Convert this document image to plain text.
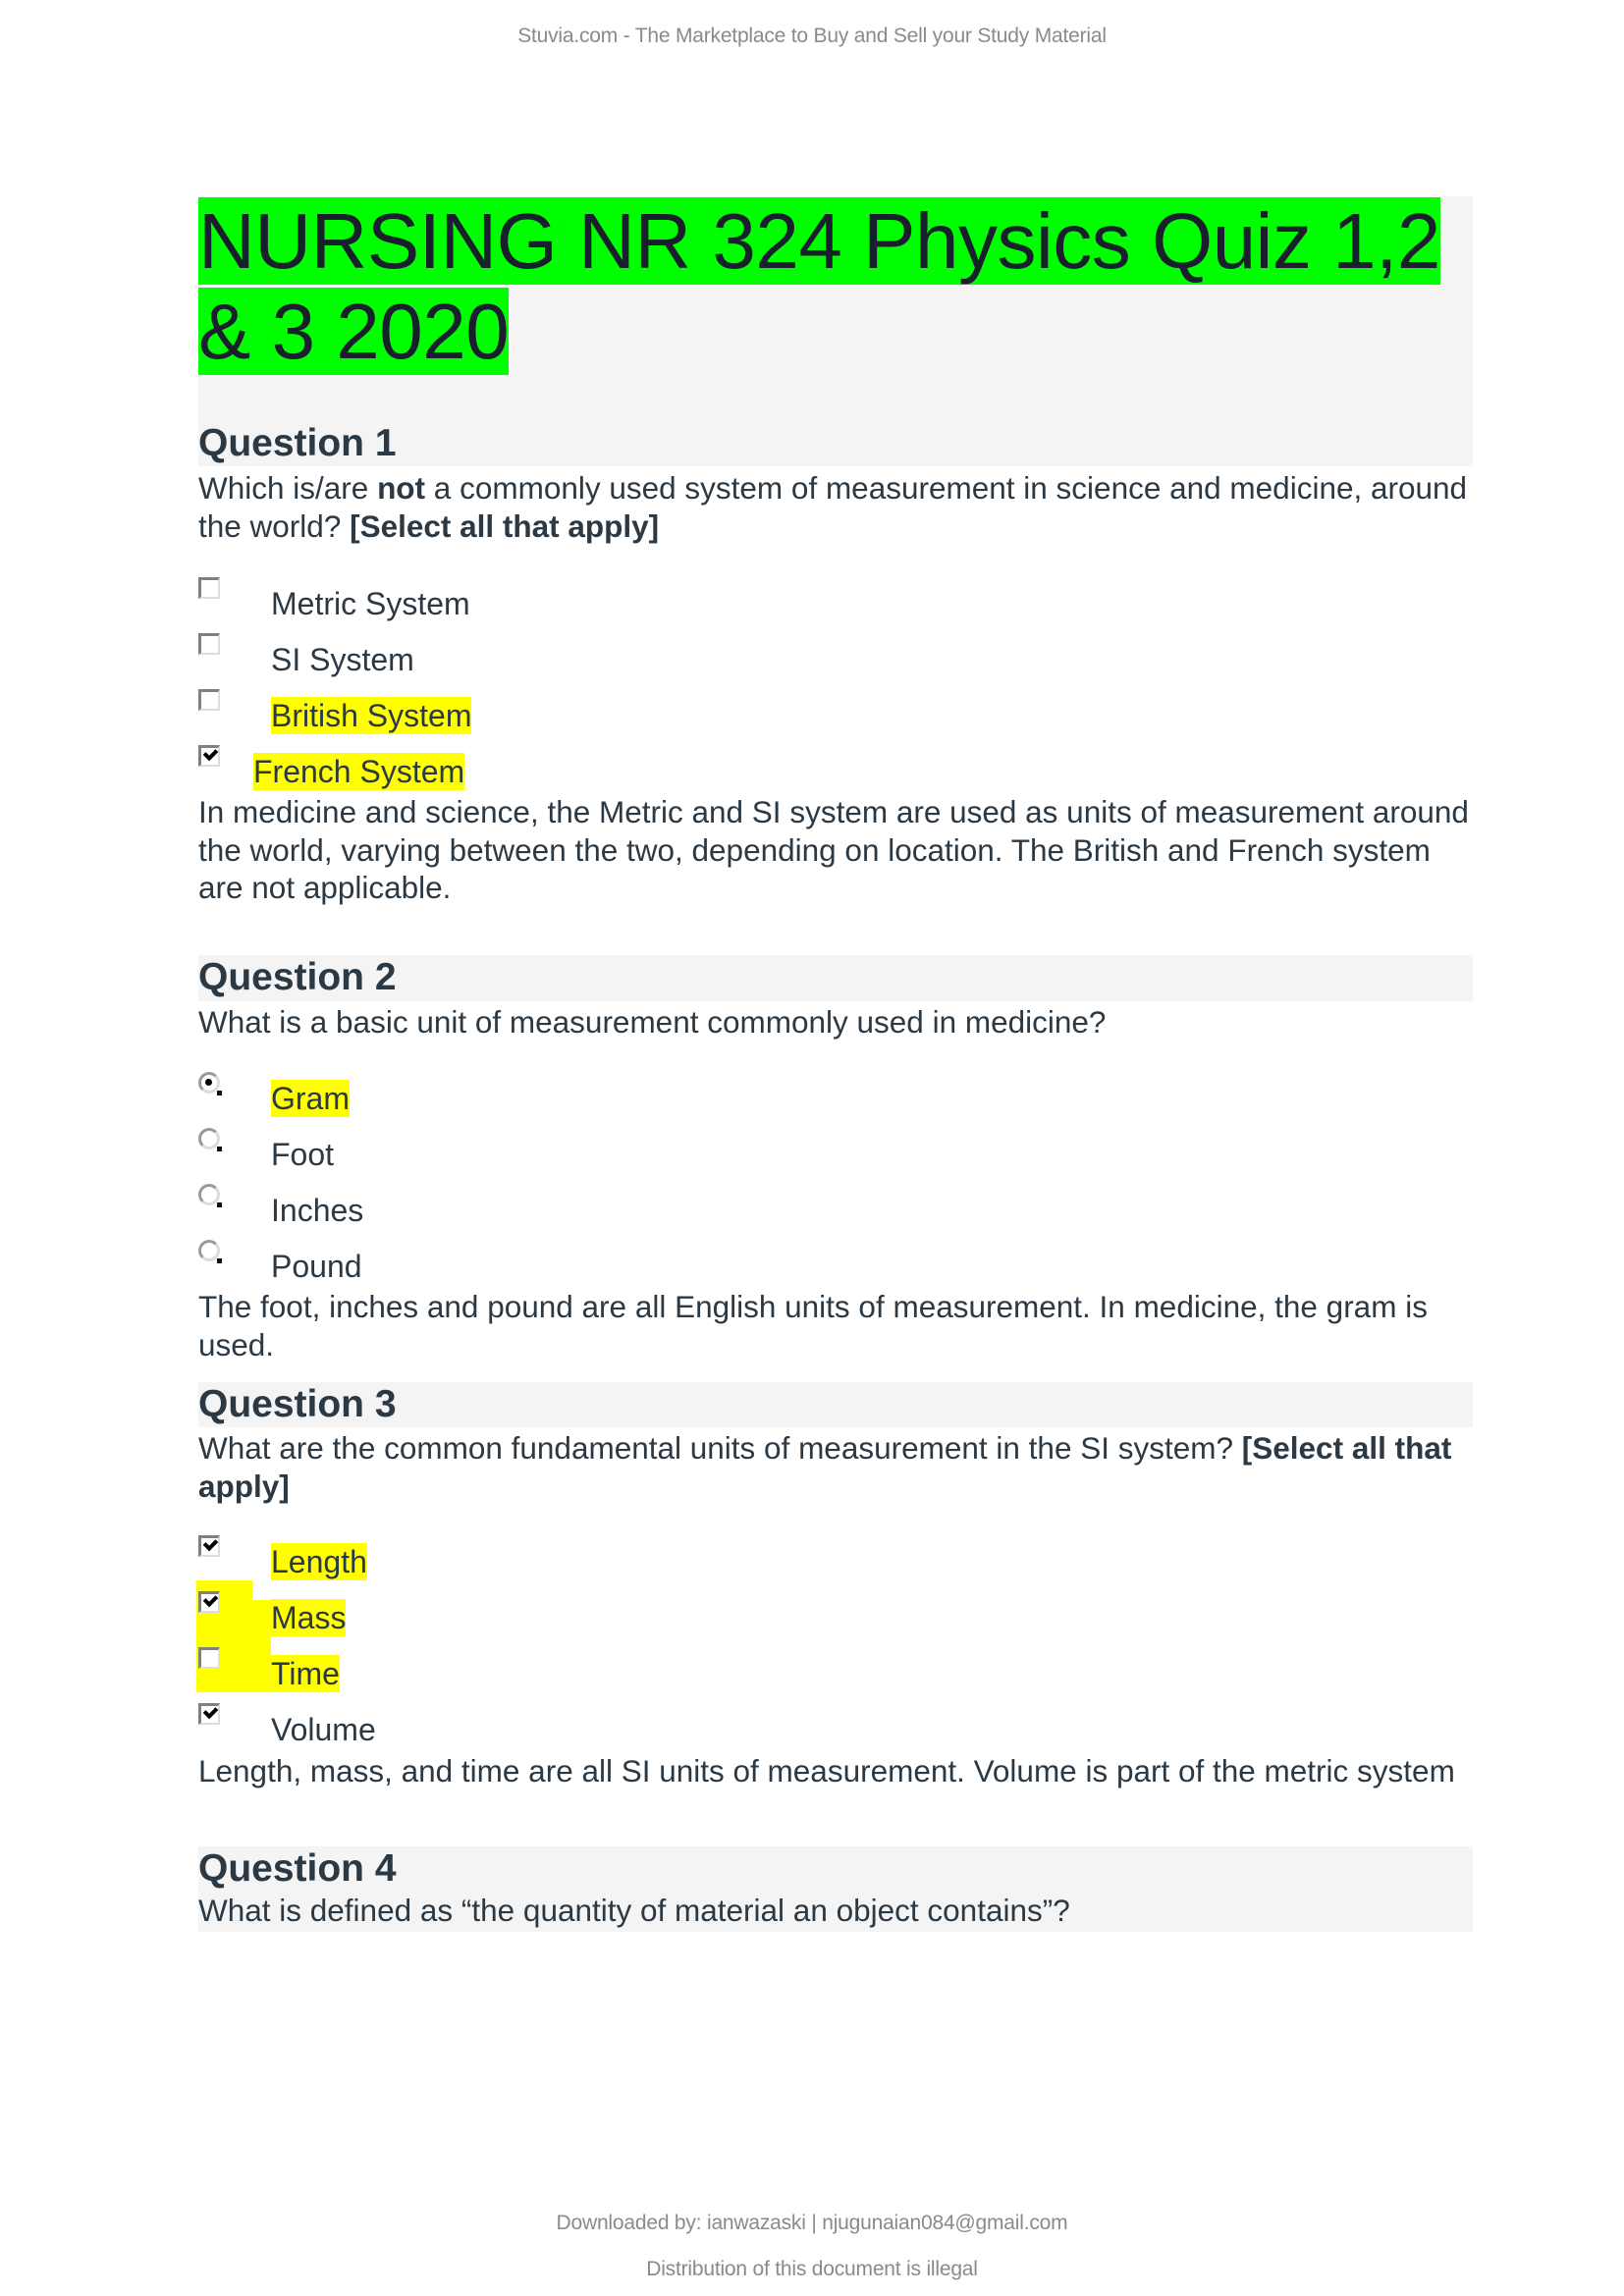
Stuvia.com - The Marketplace to Buy and Sell your Study Material
NURSING NR 324 Physics Quiz 1,2
& 3 2020
Question 1
Which is/are not a commonly used system of measurement in science and medicine, around the world? [Select all that apply]
Metric System
SI System
British System
French System
In medicine and science, the Metric and SI system are used as units of measurement around the world, varying between the two, depending on location. The British and French system are not applicable.
Question 2
What is a basic unit of measurement commonly used in medicine?
Gram
Foot
Inches
Pound
The foot, inches and pound are all English units of measurement. In medicine, the gram is used.
Question 3
What are the common fundamental units of measurement in the SI system? [Select all that apply]
Length
Mass
Time
Volume
Length, mass, and time are all SI units of measurement. Volume is part of the metric system
Question 4
What is defined as “the quantity of material an object contains”?
Downloaded by: ianwazaski | njugunaian084@gmail.com
Distribution of this document is illegal
